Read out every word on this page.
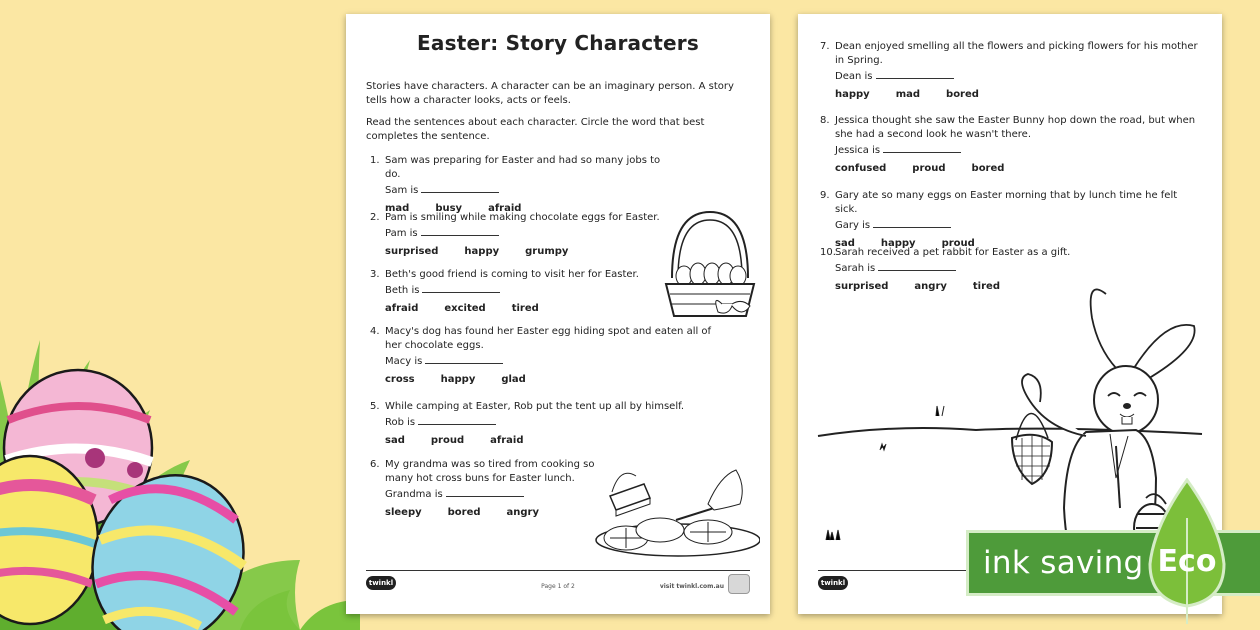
Easter: Story Characters

Stories have characters. A character can be an imaginary person. A story tells how a character looks, acts or feels.

Read the sentences about each character. Circle the word that best completes the sentence.

1. Sam was preparing for Easter and had so many jobs to do.
Sam is
mad	busy	afraid
2. Pam is smiling while making chocolate eggs for Easter.
Pam is
surprised	happy	grumpy
3. Beth's good friend is coming to visit her for Easter.
Beth is
afraid	excited	tired
4. Macy's dog has found her Easter egg hiding spot and eaten all of her chocolate eggs.
Macy is
cross	happy	glad
5. While camping at Easter, Rob put the tent up all by himself.
Rob is
sad	proud	afraid
6. My grandma was so tired from cooking so many hot cross buns for Easter lunch.
Grandma is
sleepy	bored	angry
twinkl	Page 1 of 2	visit twinkl.com.au
7. Dean enjoyed smelling all the flowers and picking flowers for his mother in Spring.
Dean is
happy	mad	bored
8. Jessica thought she saw the Easter Bunny hop down the road, but when she had a second look he wasn't there.
Jessica is
confused	proud	bored
9. Gary ate so many eggs on Easter morning that by lunch time he felt sick.
Gary is
sad	happy	proud
10. Sarah received a pet rabbit for Easter as a gift.
Sarah is
surprised	angry	tired
twinkl
ink saving Eco
